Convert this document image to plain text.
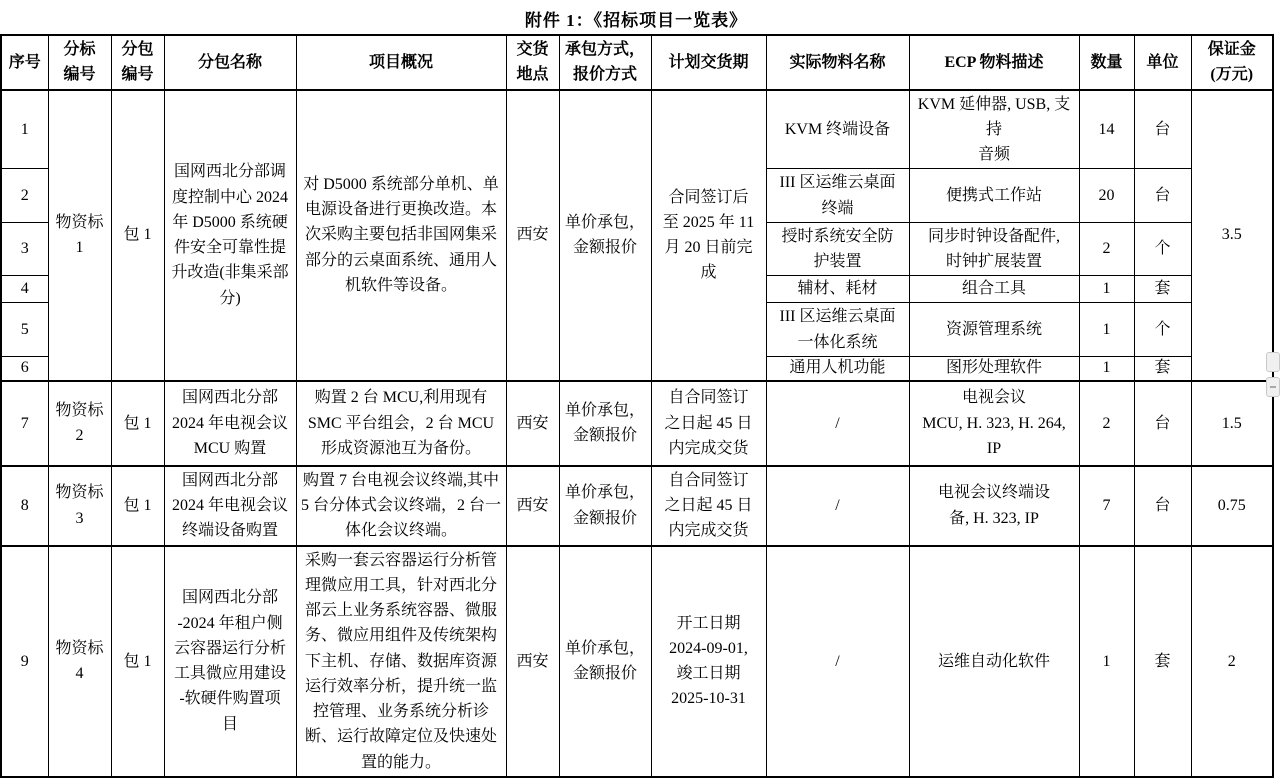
附件 1：《招标项目一览表》
序号	分标
编号	分包
编号	分包名称	项目概况	交货
地点	承包方式，
报价方式	计划交货期	实际物料名称	ECP 物料描述	数量	单位	保证金
(万元)
1	物资标 1	包 1	国网西北分部调度控制中心 2024 年 D5000 系统硬件安全可靠性提升改造(非集采部分)	对 D5000 系统部分单机、单电源设备进行更换改造。本次采购主要包括非国网集采部分的云桌面系统、通用人机软件等设备。	西安	单价承包，金额报价	合同签订后
至 2025 年 11
月 20 日前完
成	KVM 终端设备	KVM 延伸器, USB, 支持
音频	14	台	3.5
2								III 区运维云桌面
终端	便携式工作站	20	台	
3								授时系统安全防
护装置	同步时钟设备配件,
时钟扩展装置	2	个	
4								辅材、耗材	组合工具	1	套	
5								III 区运维云桌面
一体化系统	资源管理系统	1	个	
6								通用人机功能	图形处理软件	1	套	
7	物资标 2	包 1	国网西北分部 2024 年电视会议 MCU 购置	购置 2 台 MCU,利用现有 SMC 平台组会，2 台 MCU 形成资源池互为备份。	西安	单价承包，金额报价	自合同签订
之日起 45 日
内完成交货	/	电视会议
MCU, H. 323, H. 264, IP	2	台	1.5
8	物资标 3	包 1	国网西北分部 2024 年电视会议终端设备购置	购置 7 台电视会议终端,其中 5 台分体式会议终端，2 台一体化会议终端。	西安	单价承包，金额报价	自合同签订
之日起 45 日
内完成交货	/	电视会议终端设
备, H. 323, IP	7	台	0.75
9	物资标 4	包 1	国网西北分部
-2024 年租户侧
云容器运行分析
工具微应用建设
-软硬件购置项
目	采购一套云容器运行分析管理微应用工具，针对西北分部云上业务系统容器、微服务、微应用组件及传统架构下主机、存储、数据库资源运行效率分析，提升统一监控管理、业务系统分析诊断、运行故障定位及快速处置的能力。	西安	单价承包，金额报价	开工日期
2024-09-01,
竣工日期
2025-10-31	/	运维自动化软件	1	套	2
